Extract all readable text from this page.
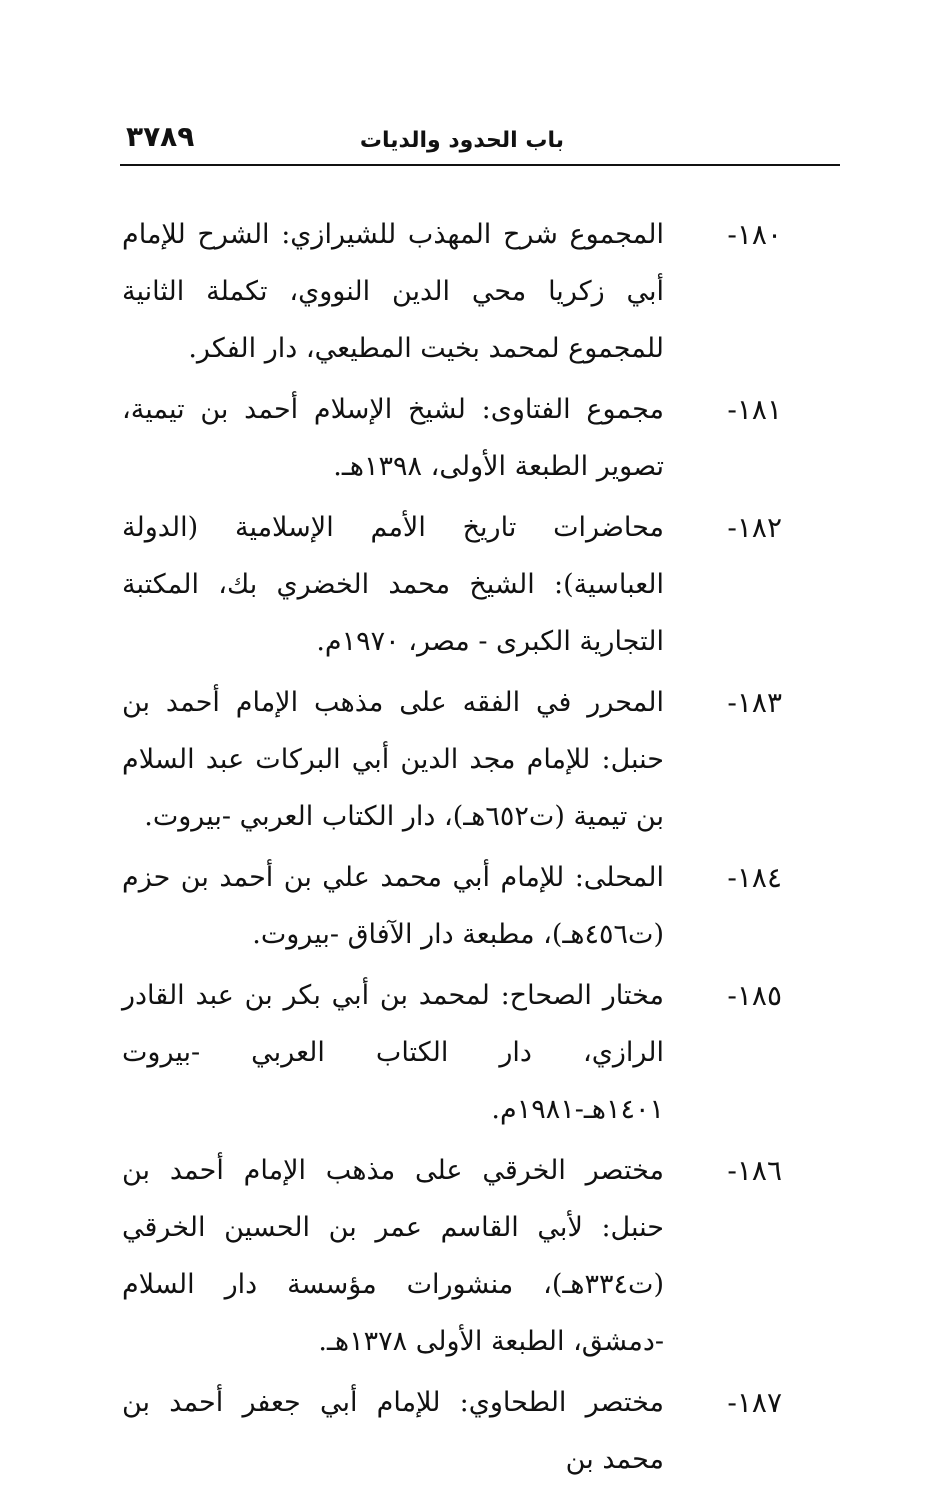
باب الحدود والديات
٣٧٨٩
١٨٠-
المجموع شرح المهذب للشيرازي: الشرح للإمام أبي زكريا محي الدين النووي، تكملة الثانية للمجموع لمحمد بخيت المطيعي، دار الفكر.
١٨١-
مجموع الفتاوى: لشيخ الإسلام أحمد بن تيمية، تصوير الطبعة الأولى، ١٣٩٨هـ.
١٨٢-
محاضرات تاريخ الأمم الإسلامية (الدولة العباسية): الشيخ محمد الخضري بك، المكتبة التجارية الكبرى - مصر، ١٩٧٠م.
١٨٣-
المحرر في الفقه على مذهب الإمام أحمد بن حنبل: للإمام مجد الدين أبي البركات عبد السلام بن تيمية (ت٦٥٢هـ)، دار الكتاب العربي -بيروت.
١٨٤-
المحلى: للإمام أبي محمد علي بن أحمد بن حزم (ت٤٥٦هـ)، مطبعة دار الآفاق -بيروت.
١٨٥-
مختار الصحاح: لمحمد بن أبي بكر بن عبد القادر الرازي، دار الكتاب العربي -بيروت ١٤٠١هـ-١٩٨١م.
١٨٦-
مختصر الخرقي على مذهب الإمام أحمد بن حنبل: لأبي القاسم عمر بن الحسين الخرقي (ت٣٣٤هـ)، منشورات مؤسسة دار السلام -دمشق، الطبعة الأولى ١٣٧٨هـ.
١٨٧-
مختصر الطحاوي: للإمام أبي جعفر أحمد بن محمد بن
